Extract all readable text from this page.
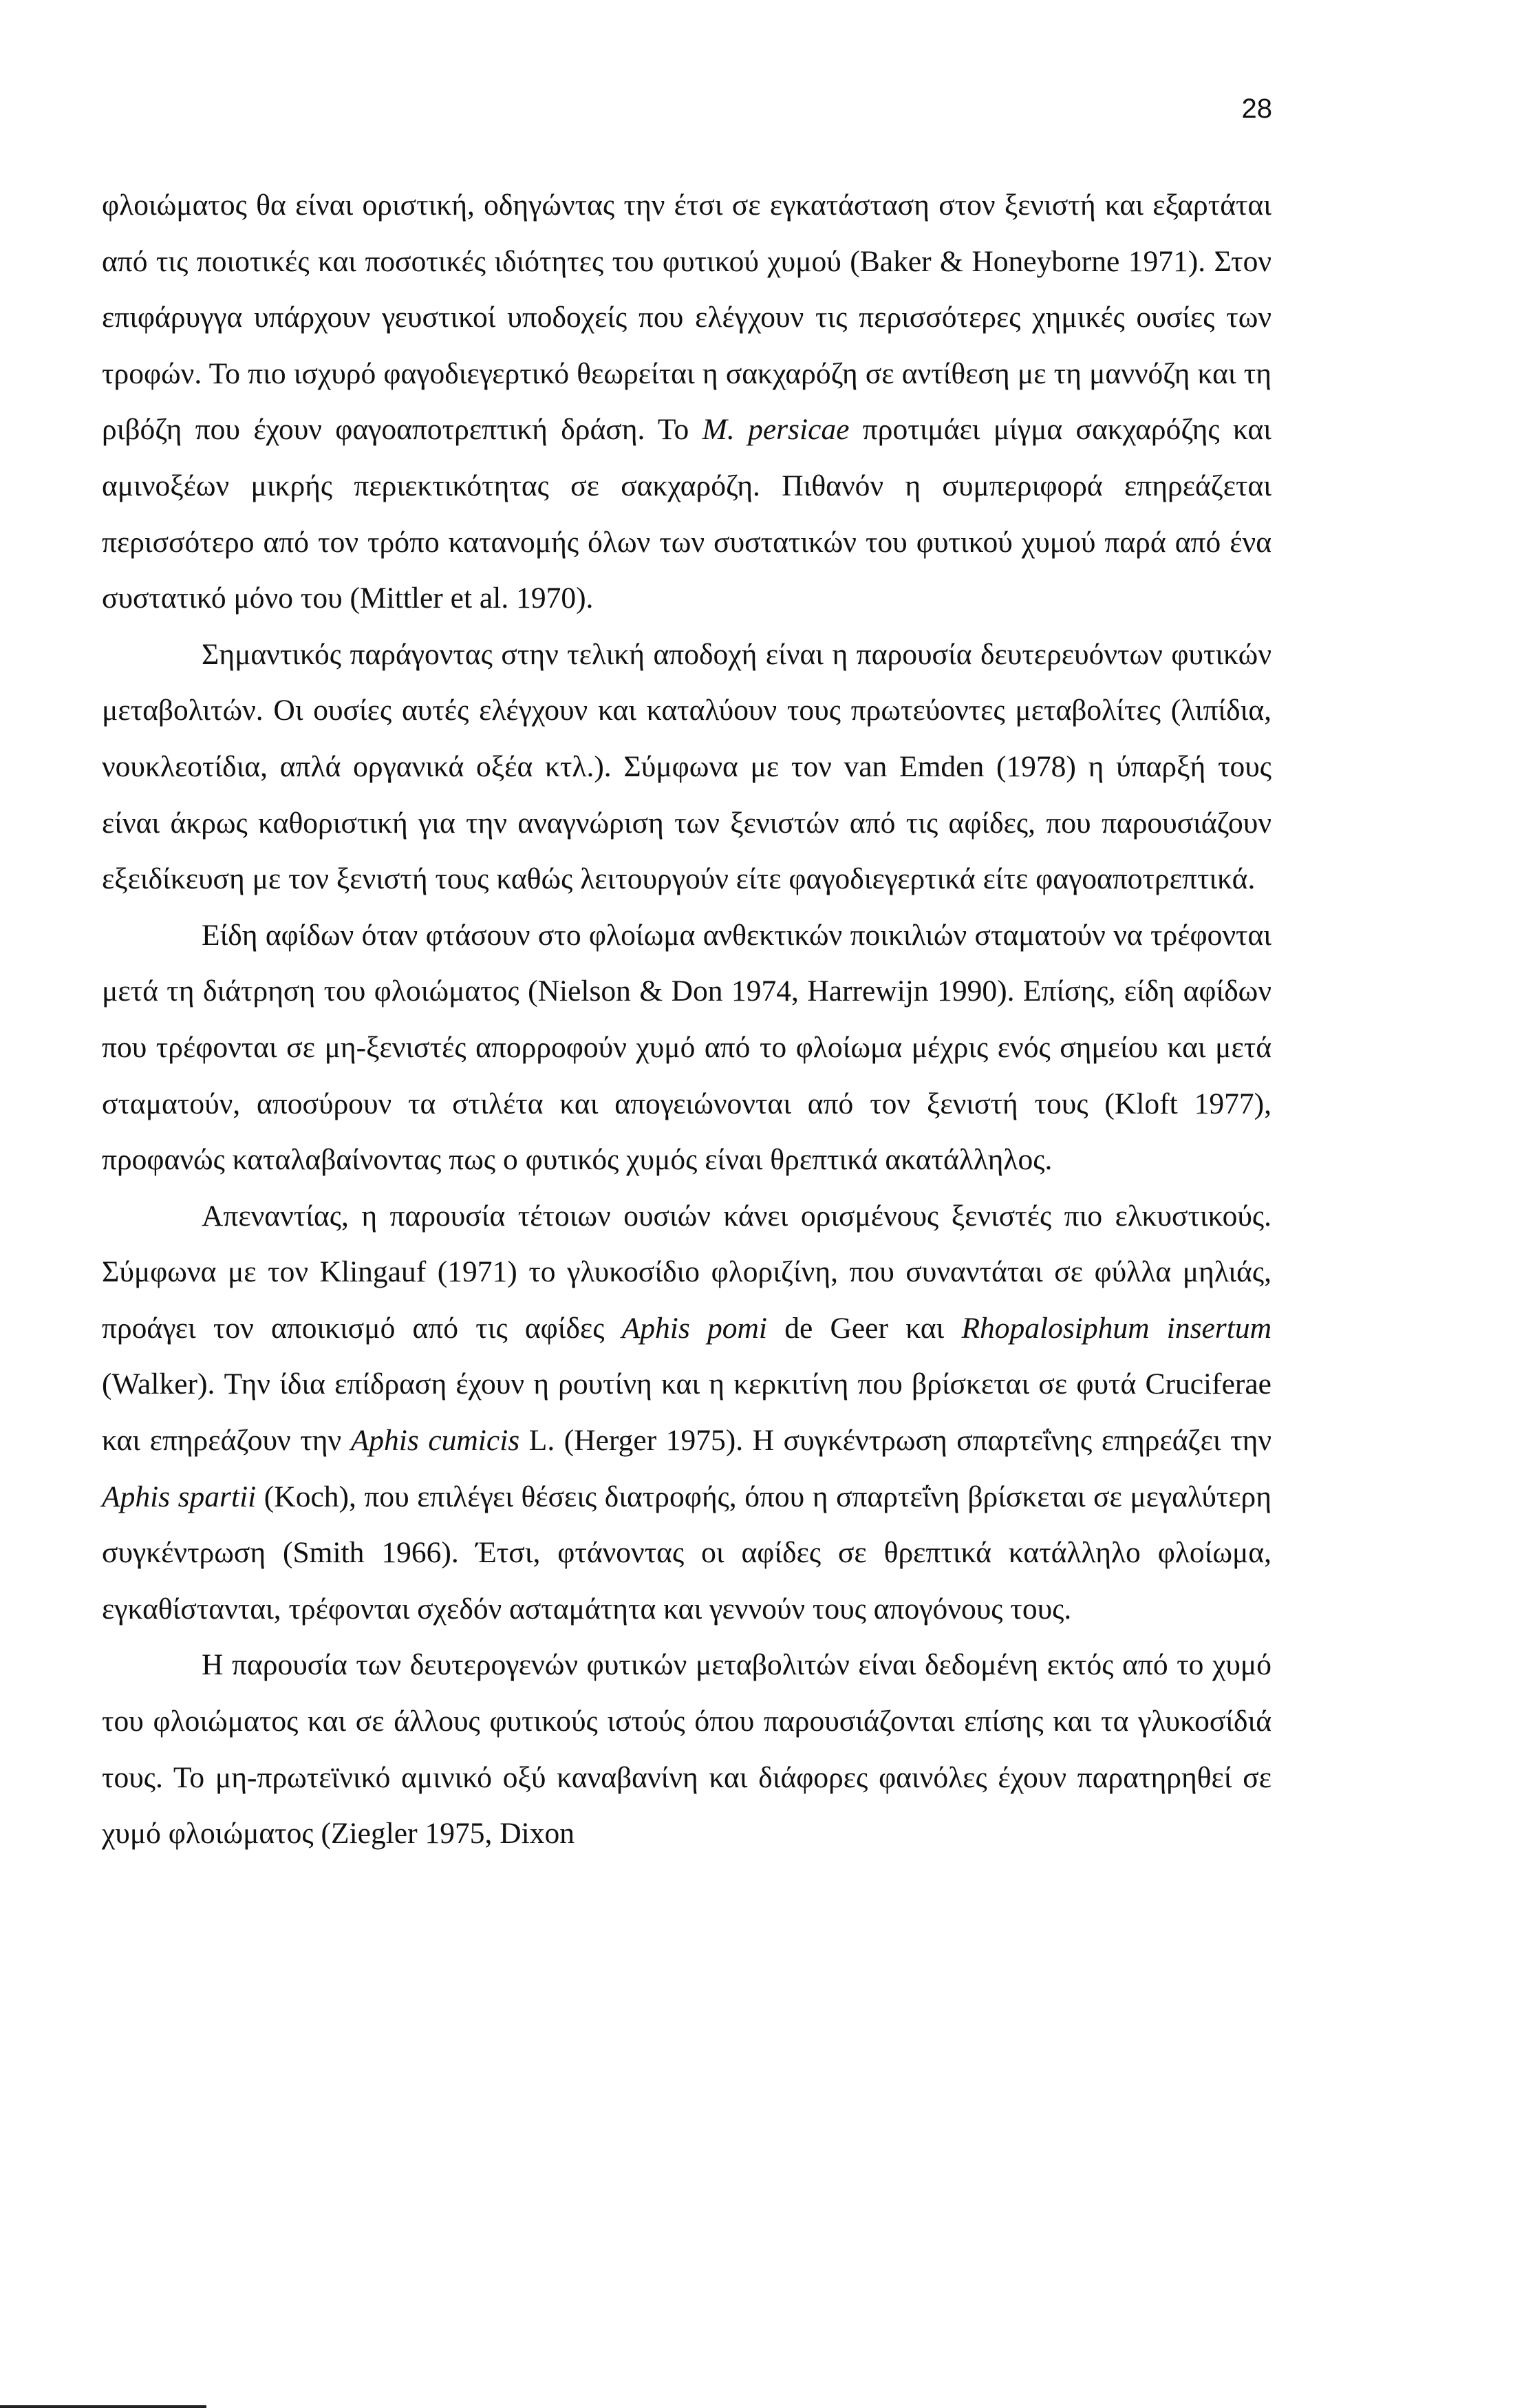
28

φλοιώματος θα είναι οριστική, οδηγώντας την έτσι σε εγκατάσταση στον ξενιστή και εξαρτάται από τις ποιοτικές και ποσοτικές ιδιότητες του φυτικού χυμού (Baker & Honeyborne 1971). Στον επιφάρυγγα υπάρχουν γευστικοί υποδοχείς που ελέγχουν τις περισσότερες χημικές ουσίες των τροφών. Το πιο ισχυρό φαγοδιεγερτικό θεωρείται η σακχαρόζη σε αντίθεση με τη μαννόζη και τη ριβόζη που έχουν φαγοαποτρεπτική δράση. Το M. persicae προτιμάει μίγμα σακχαρόζης και αμινοξέων μικρής περιεκτικότητας σε σακχαρόζη. Πιθανόν η συμπεριφορά επηρεάζεται περισσότερο από τον τρόπο κατανομής όλων των συστατικών του φυτικού χυμού παρά από ένα συστατικό μόνο του (Mittler et al. 1970).

Σημαντικός παράγοντας στην τελική αποδοχή είναι η παρουσία δευτερευόντων φυτικών μεταβολιτών. Οι ουσίες αυτές ελέγχουν και καταλύουν τους πρωτεύοντες μεταβολίτες (λιπίδια, νουκλεοτίδια, απλά οργανικά οξέα κτλ.). Σύμφωνα με τον van Emden (1978) η ύπαρξή τους είναι άκρως καθοριστική για την αναγνώριση των ξενιστών από τις αφίδες, που παρουσιάζουν εξειδίκευση με τον ξενιστή τους καθώς λειτουργούν είτε φαγοδιεγερτικά είτε φαγοαποτρεπτικά.

Είδη αφίδων όταν φτάσουν στο φλοίωμα ανθεκτικών ποικιλιών σταματούν να τρέφονται μετά τη διάτρηση του φλοιώματος (Nielson & Don 1974, Harrewijn 1990). Επίσης, είδη αφίδων που τρέφονται σε μη-ξενιστές απορροφούν χυμό από το φλοίωμα μέχρις ενός σημείου και μετά σταματούν, αποσύρουν τα στιλέτα και απογειώνονται από τον ξενιστή τους (Kloft 1977), προφανώς καταλαβαίνοντας πως ο φυτικός χυμός είναι θρεπτικά ακατάλληλος.

Απεναντίας, η παρουσία τέτοιων ουσιών κάνει ορισμένους ξενιστές πιο ελκυστικούς. Σύμφωνα με τον Klingauf (1971) το γλυκοσίδιο φλοριζίνη, που συναντάται σε φύλλα μηλιάς, προάγει τον αποικισμό από τις αφίδες Aphis pomi de Geer και Rhopalosiphum insertum (Walker). Την ίδια επίδραση έχουν η ρουτίνη και η κερκιτίνη που βρίσκεται σε φυτά Cruciferae και επηρεάζουν την Aphis cumicis L. (Herger 1975). Η συγκέντρωση σπαρτεΐνης επηρεάζει την Aphis spartii (Koch), που επιλέγει θέσεις διατροφής, όπου η σπαρτεΐνη βρίσκεται σε μεγαλύτερη συγκέντρωση (Smith 1966). Έτσι, φτάνοντας οι αφίδες σε θρεπτικά κατάλληλο φλοίωμα, εγκαθίστανται, τρέφονται σχεδόν ασταμάτητα και γεννούν τους απογόνους τους.

Η παρουσία των δευτερογενών φυτικών μεταβολιτών είναι δεδομένη εκτός από το χυμό του φλοιώματος και σε άλλους φυτικούς ιστούς όπου παρουσιάζονται επίσης και τα γλυκοσίδιά τους. Το μη-πρωτεϊνικό αμινικό οξύ καναβανίνη και διάφορες φαινόλες έχουν παρατηρηθεί σε χυμό φλοιώματος (Ziegler 1975, Dixon
